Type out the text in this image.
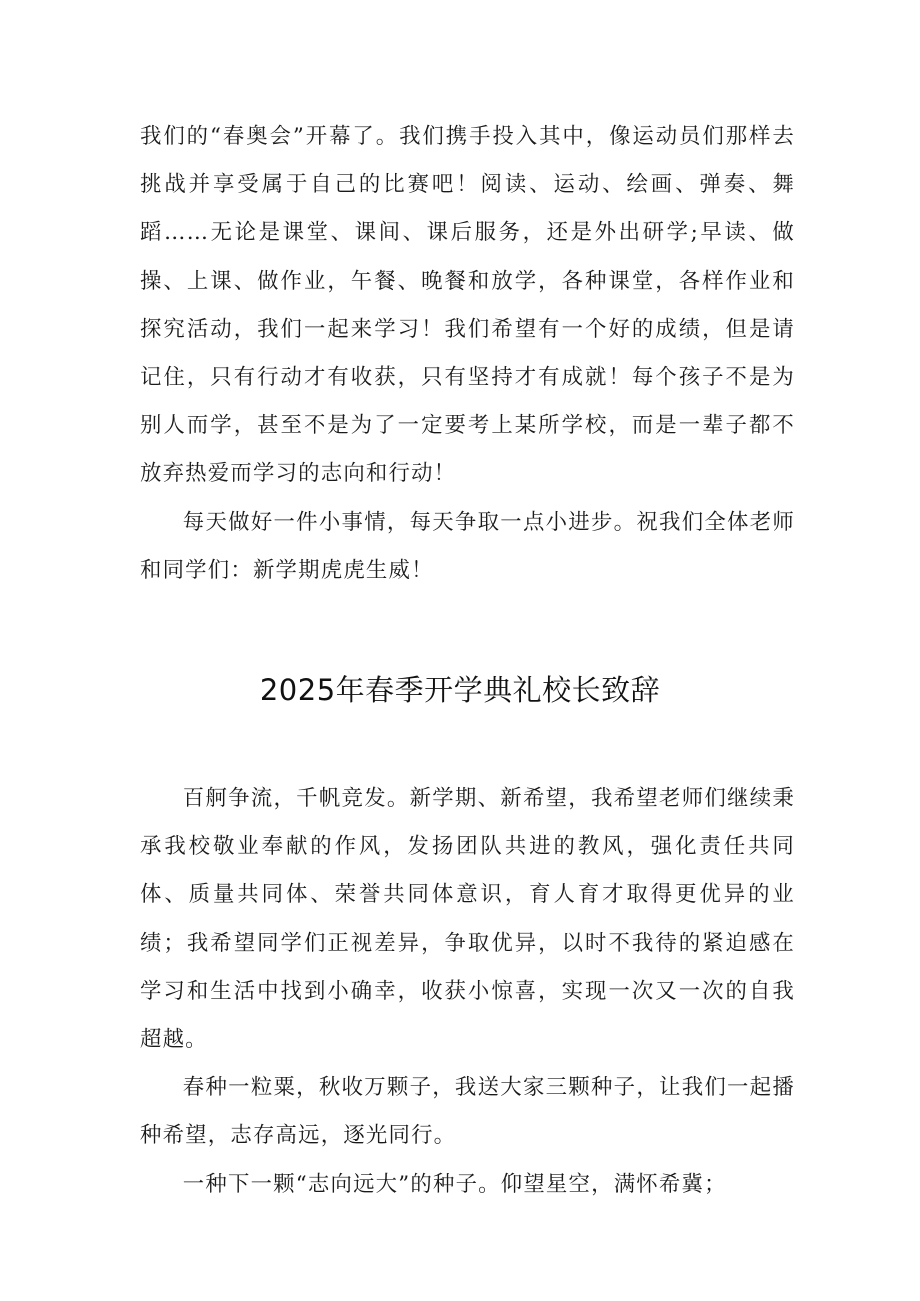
我们的“春奥会”开幕了。我们携手投入其中，像运动员们那样去挑战并享受属于自己的比赛吧！阅读、运动、绘画、弹奏、舞蹈……无论是课堂、课间、课后服务，还是外出研学;早读、做操、上课、做作业，午餐、晚餐和放学，各种课堂，各样作业和探究活动，我们一起来学习！我们希望有一个好的成绩，但是请记住，只有行动才有收获，只有坚持才有成就！每个孩子不是为别人而学，甚至不是为了一定要考上某所学校，而是一辈子都不放弃热爱而学习的志向和行动！

每天做好一件小事情，每天争取一点小进步。祝我们全体老师和同学们：新学期虎虎生威！

2025年春季开学典礼校长致辞

百舸争流，千帆竞发。新学期、新希望，我希望老师们继续秉承我校敬业奉献的作风，发扬团队共进的教风，强化责任共同体、质量共同体、荣誉共同体意识，育人育才取得更优异的业绩；我希望同学们正视差异，争取优异，以时不我待的紧迫感在学习和生活中找到小确幸，收获小惊喜，实现一次又一次的自我超越。

春种一粒粟，秋收万颗子，我送大家三颗种子，让我们一起播种希望，志存高远，逐光同行。

一种下一颗“志向远大”的种子。仰望星空，满怀希冀；
